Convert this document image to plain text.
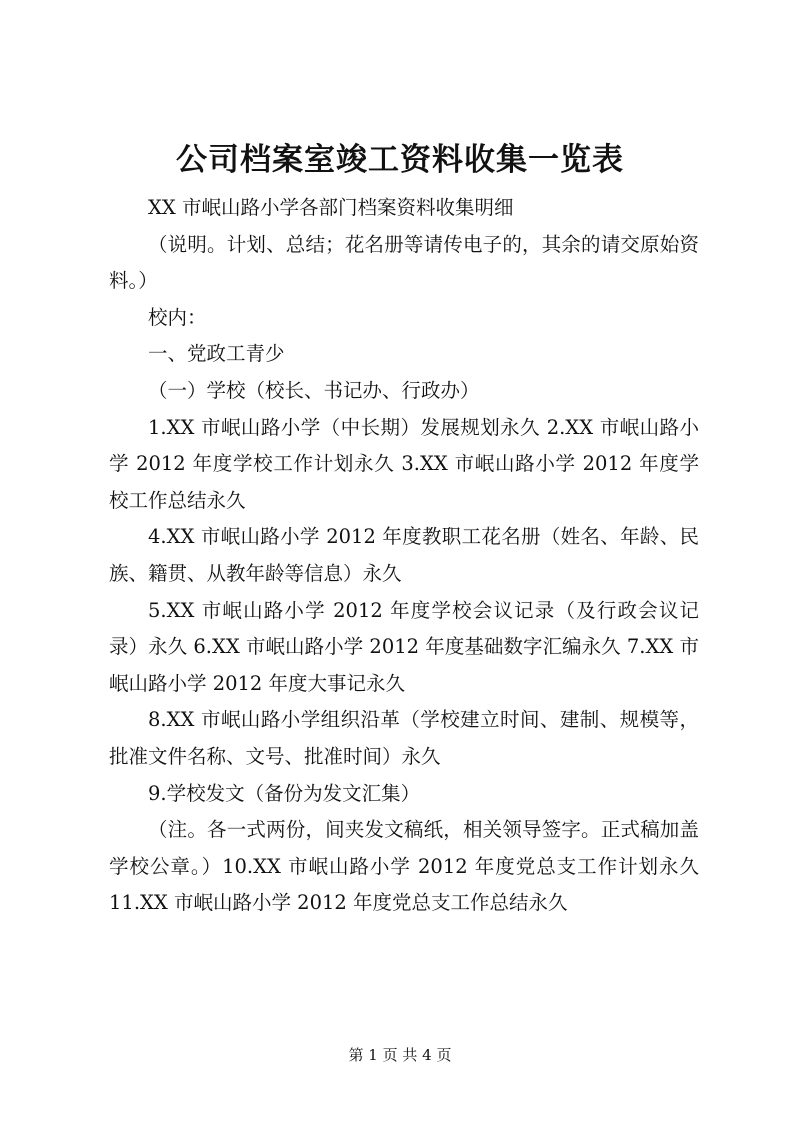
公司档案室竣工资料收集一览表

XX 市岷山路小学各部门档案资料收集明细

（说明。计划、总结；花名册等请传电子的，其余的请交原始资料。）

校内：

一、党政工青少

（一）学校（校长、书记办、行政办）

1.XX 市岷山路小学（中长期）发展规划永久 2.XX 市岷山路小学 2012 年度学校工作计划永久 3.XX 市岷山路小学 2012 年度学校工作总结永久

4.XX 市岷山路小学 2012 年度教职工花名册（姓名、年龄、民族、籍贯、从教年龄等信息）永久

5.XX 市岷山路小学 2012 年度学校会议记录（及行政会议记录）永久 6.XX 市岷山路小学 2012 年度基础数字汇编永久 7.XX 市岷山路小学 2012 年度大事记永久

8.XX 市岷山路小学组织沿革（学校建立时间、建制、规模等，批准文件名称、文号、批准时间）永久

9.学校发文（备份为发文汇集）

（注。各一式两份，间夹发文稿纸，相关领导签字。正式稿加盖学校公章。）10.XX 市岷山路小学 2012 年度党总支工作计划永久 11.XX 市岷山路小学 2012 年度党总支工作总结永久

第 1 页 共 4 页
